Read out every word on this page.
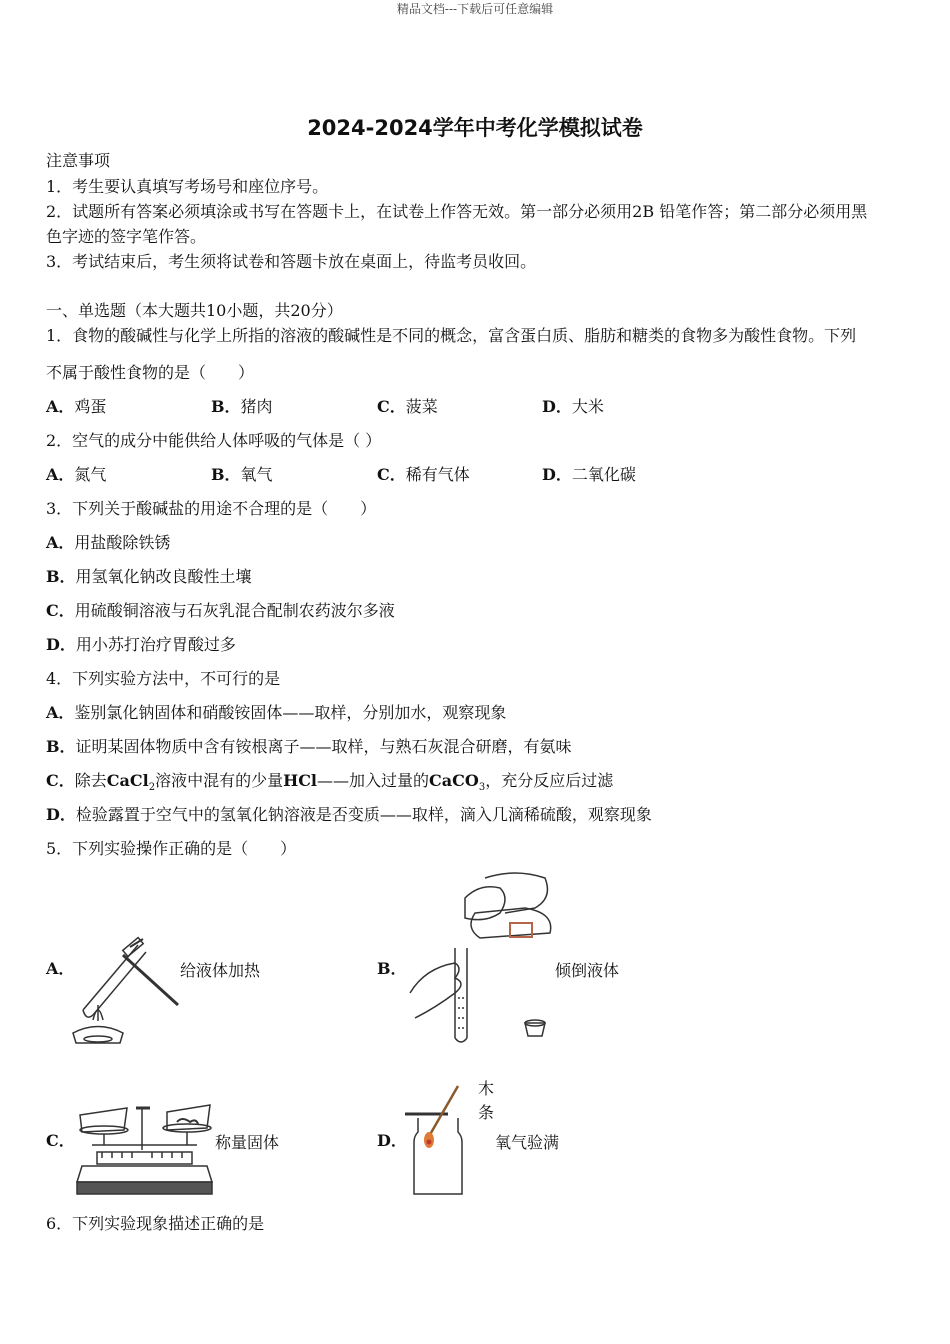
精品文档---下载后可任意编辑
2024-2024学年中考化学模拟试卷
注意事项
1．考生要认真填写考场号和座位序号。
2．试题所有答案必须填涂或书写在答题卡上，在试卷上作答无效。第一部分必须用2B 铅笔作答；第二部分必须用黑
色字迹的签字笔作答。
3．考试结束后，考生须将试卷和答题卡放在桌面上，待监考员收回。
一、单选题（本大题共10小题，共20分）
1．食物的酸碱性与化学上所指的溶液的酸碱性是不同的概念，富含蛋白质、脂肪和糖类的食物多为酸性食物。下列
不属于酸性食物的是（　　）
A．鸡蛋	B．猪肉	C．菠菜	D．大米
2．空气的成分中能供给人体呼吸的气体是（ ）
A．氮气	B．氧气	C．稀有气体	D．二氧化碳
3．下列关于酸碱盐的用途不合理的是（　　）
A．用盐酸除铁锈
B．用氢氧化钠改良酸性土壤
C．用硫酸铜溶液与石灰乳混合配制农药波尔多液
D．用小苏打治疗胃酸过多
4．下列实验方法中，不可行的是
A．鉴别氯化钠固体和硝酸铵固体——取样，分别加水，观察现象
B．证明某固体物质中含有铵根离子——取样，与熟石灰混合研磨，有氨味
C．除去CaCl$_2$溶液中混有的少量HCl——加入过量的CaCO$_3$，充分反应后过滤
D．检验露置于空气中的氢氧化钠溶液是否变质——取样，滴入几滴稀硫酸，观察现象
5．下列实验操作正确的是（　　）
A．	给液体加热	B．	倾倒液体
C．	称量固体	D．
木
条
氧气验满
6．下列实验现象描述正确的是
